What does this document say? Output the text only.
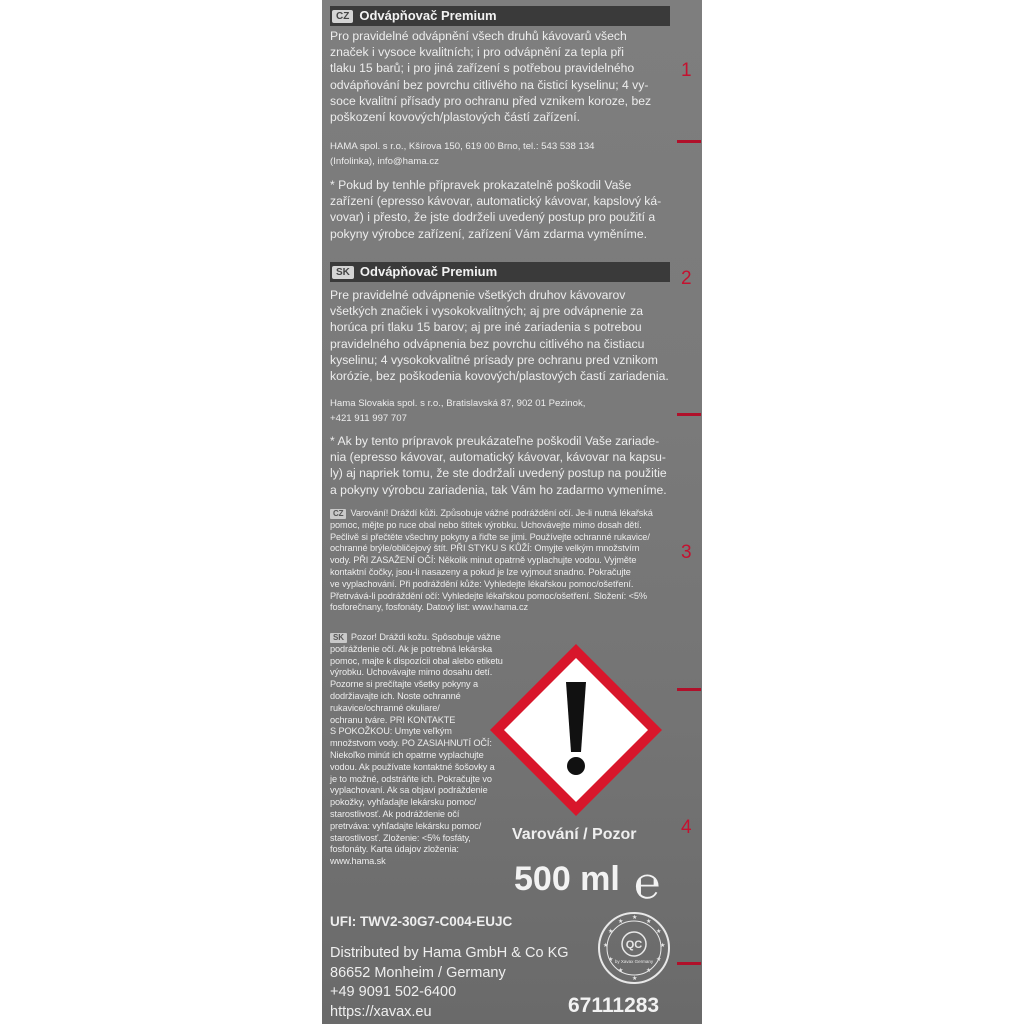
CZ Odvápňovač Premium

Pro pravidelné odvápnění všech druhů kávovarů všech

značek i vysoce kvalitních; i pro odvápnění za tepla při

tlaku 15 barů; i pro jiná zařízení s potřebou pravidelného

odvápňování bez povrchu citlivého na čisticí kyselinu; 4 vy-

soce kvalitní přísady pro ochranu před vznikem koroze, bez

poškození kovových/plastových částí zařízení.

HAMA spol. s r.o., Kšírova 150, 619 00 Brno, tel.: 543 538 134

(Infolinka), info@hama.cz

* Pokud by tenhle přípravek prokazatelně poškodil Vaše

zařízení (epresso kávovar, automatický kávovar, kapslový ká-

vovar) i přesto, že jste dodrželi uvedený postup pro použití a

pokyny výrobce zařízení, zařízení Vám zdarma vyměníme.

SK Odvápňovač Premium

Pre pravidelné odvápnenie všetkých druhov kávovarov

všetkých značiek i vysokokvalitných; aj pre odvápnenie za

horúca pri tlaku 15 barov; aj pre iné zariadenia s potrebou

pravidelného odvápnenia bez povrchu citlivého na čistiacu

kyselinu; 4 vysokokvalitné prísady pre ochranu pred vznikom

korózie, bez poškodenia kovových/plastových častí zariadenia.

Hama Slovakia spol. s r.o., Bratislavská 87, 902 01 Pezinok,

+421 911 997 707

* Ak by tento prípravok preukázateľne poškodil Vaše zariade-

nia (epresso kávovar, automatický kávovar, kávovar na kapsu-

ly) aj napriek tomu, že ste dodržali uvedený postup na použitie

a pokyny výrobcu zariadenia, tak Vám ho zadarmo vymeníme.

CZ Varování! Dráždí kůži. Způsobuje vážné podráždění očí. Je-li nutná lékařská

pomoc, mějte po ruce obal nebo štítek výrobku. Uchovávejte mimo dosah dětí.

Pečlivě si přečtěte všechny pokyny a řiďte se jimi. Používejte ochranné rukavice/

ochranné brýle/obličejový štít. PŘI STYKU S KŮŽÍ: Omyjte velkým množstvím

vody. PŘI ZASAŽENÍ OČÍ: Několik minut opatrně vyplachujte vodou. Vyjměte

kontaktní čočky, jsou-li nasazeny a pokud je lze vyjmout snadno. Pokračujte

ve vyplachování. Při podráždění kůže: Vyhledejte lékařskou pomoc/ošetření.

Přetrvává-li podráždění očí: Vyhledejte lékařskou pomoc/ošetření. Složení: <5%

fosforečnany, fosfonáty. Datový list: www.hama.cz

SK Pozor! Dráždi kožu. Spôsobuje vážne

podráždenie očí. Ak je potrebná lekárska

pomoc, majte k dispozícii obal alebo etiketu

výrobku. Uchovávajte mimo dosahu detí.

Pozorne si prečítajte všetky pokyny a

dodržiavajte ich. Noste ochranné

rukavice/ochranné okuliare/

ochranu tváre. PRI KONTAKTE

S POKOŽKOU: Umyte veľkým

množstvom vody. PO ZASIAHNUTÍ OČÍ:

Niekoľko minút ich opatrne vyplachujte

vodou. Ak používate kontaktné šošovky a

je to možné, odstráňte ich. Pokračujte vo

vyplachovaní. Ak sa objaví podráždenie

pokožky, vyhľadajte lekársku pomoc/

starostlivosť. Ak podráždenie očí

pretrváva: vyhľadajte lekársku pomoc/

starostlivosť. Zloženie: <5% fosfáty,

fosfonáty. Karta údajov zloženia:

www.hama.sk

Varování / Pozor
500 ml ℮
UFI: TWV2-30G7-C004-EUJC
Distributed by Hama GmbH & Co KG
86652 Monheim / Germany
+49 9091 502-6400
https://xavax.eu
★
★
★
★
★
★
★
★
★
★
★
★
QC
by Xavax Germany
67111283
1
2
3
4
